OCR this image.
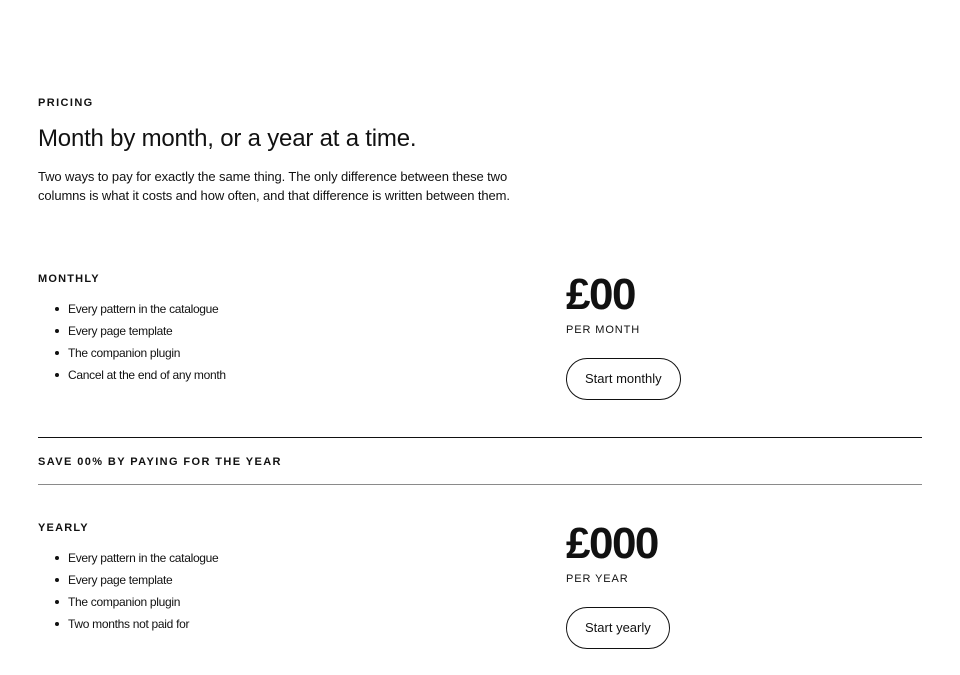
PRICING
Month by month, or a year at a time.

Two ways to pay for exactly the same thing. The only difference between these two columns is what it costs and how often, and that difference is written between them.

MONTHLY
Every pattern in the catalogue
Every page template
The companion plugin
Cancel at the end of any month
£00
PER MONTH
Start monthly
SAVE 00% BY PAYING FOR THE YEAR
YEARLY
Every pattern in the catalogue
Every page template
The companion plugin
Two months not paid for
£000
PER YEAR
Start yearly
